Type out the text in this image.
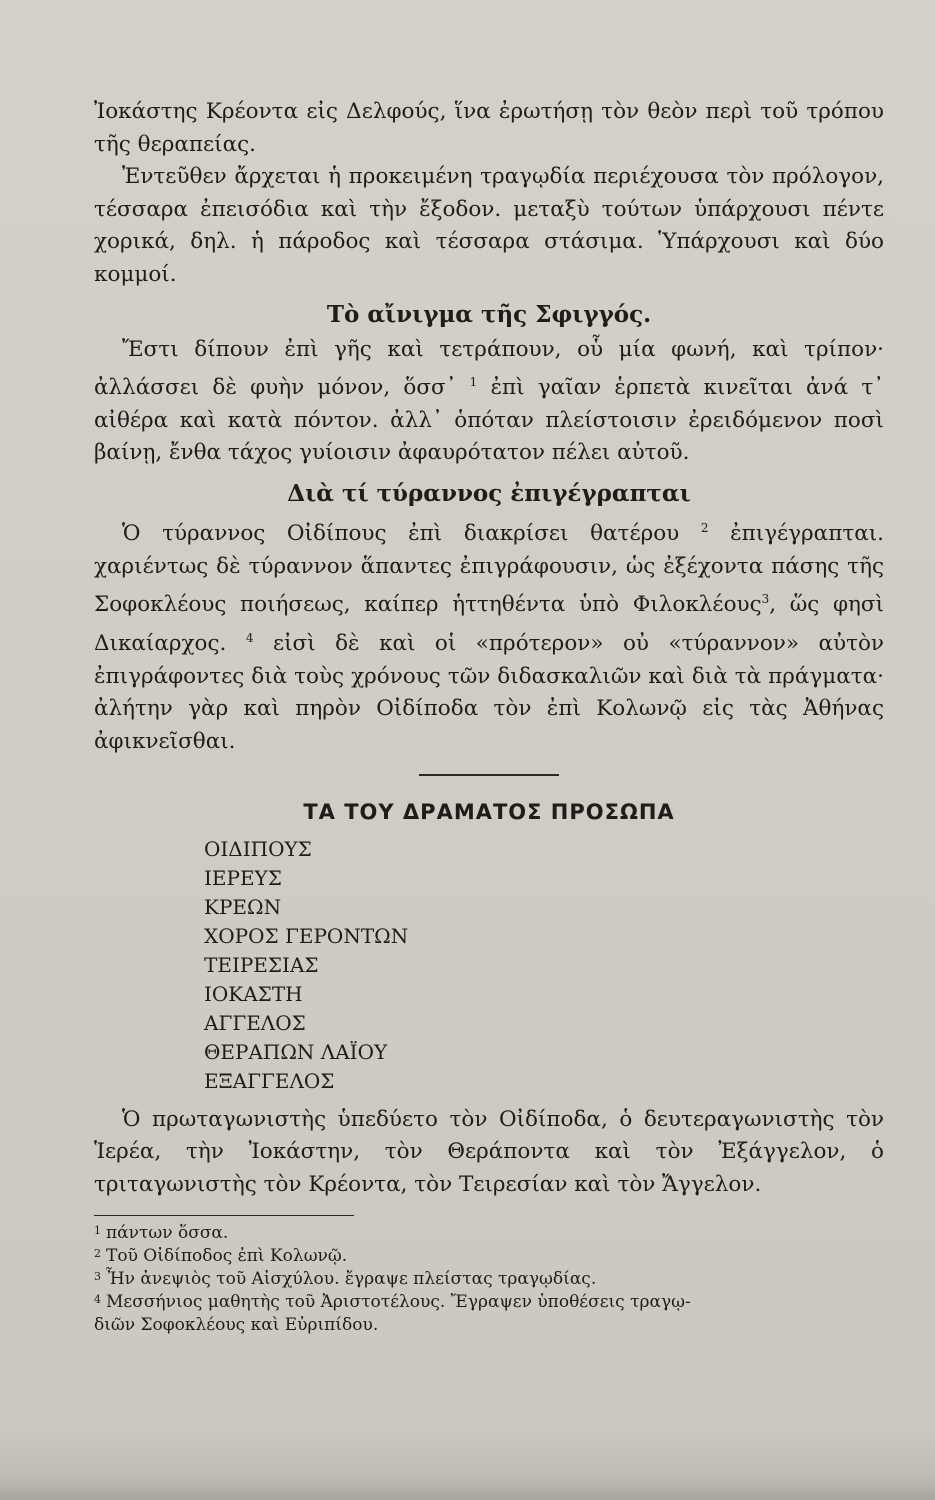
Ἰοκάστης Κρέοντα εἰς Δελφούς, ἵνα ἐρωτήσῃ τὸν θεὸν περὶ τοῦ τρόπου τῆς θεραπείας.

Ἐντεῦθεν ἄρχεται ἡ προκειμένη τραγῳδία περιέχουσα τὸν πρόλογον, τέσσαρα ἐπεισόδια καὶ τὴν ἔξοδον. μεταξὺ τούτων ὑπάρχουσι πέντε χορικά, δηλ. ἡ πάροδος καὶ τέσσαρα στάσιμα. Ὑπάρχουσι καὶ δύο κομμοί.

Τὸ αἴνιγμα τῆς Σφιγγός.

Ἔστι δίπουν ἐπὶ γῆς καὶ τετράπουν, οὗ μία φωνή, καὶ τρίπον· ἀλλάσσει δὲ φυὴν μόνον, ὅσσ᾽ $^1$ ἐπὶ γαῖαν ἑρπετὰ κινεῖται ἀνά τ᾽ αἰθέρα καὶ κατὰ πόντον. ἀλλ᾽ ὁπόταν πλείστοισιν ἐρειδόμενον ποσὶ βαίνῃ, ἔνθα τάχος γυίοισιν ἀφαυρότατον πέλει αὐτοῦ.

Διὰ τί τύραννος ἐπιγέγραπται

Ὁ τύραννος Οἰδίπους ἐπὶ διακρίσει θατέρου $^2$ ἐπιγέγραπται. χαριέντως δὲ τύραννον ἅπαντες ἐπιγράφουσιν, ὡς ἐξέχοντα πάσης τῆς Σοφοκλέους ποιήσεως, καίπερ ἡττηθέντα ὑπὸ Φιλοκλέους$^3$, ὥς φησὶ Δικαίαρχος. $^4$ εἰσὶ δὲ καὶ οἱ «πρότερον» οὐ «τύραννον» αὐτὸν ἐπιγράφοντες διὰ τοὺς χρόνους τῶν διδασκαλιῶν καὶ διὰ τὰ πράγματα· ἀλήτην γὰρ καὶ πηρὸν Οἰδίποδα τὸν ἐπὶ Κολωνῷ εἰς τὰς Ἀθήνας ἀφικνεῖσθαι.

ΤΑ ΤΟΥ ΔΡΑΜΑΤΟΣ ΠΡΟΣΩΠΑ
ΟΙΔΙΠΟΥΣ
ΙΕΡΕΥΣ
ΚΡΕΩΝ
ΧΟΡΟΣ ΓΕΡΟΝΤΩΝ
ΤΕΙΡΕΣΙΑΣ
ΙΟΚΑΣΤΗ
ΑΓΓΕΛΟΣ
ΘΕΡΑΠΩΝ ΛΑΪΟΥ
ΕΞΑΓΓΕΛΟΣ

Ὁ πρωταγωνιστὴς ὑπεδύετο τὸν Οἰδίποδα, ὁ δευτεραγωνιστὴς τὸν Ἱερέα, τὴν Ἰοκάστην, τὸν Θεράποντα καὶ τὸν Ἐξάγγελον, ὁ τριταγωνιστὴς τὸν Κρέοντα, τὸν Τειρεσίαν καὶ τὸν Ἄγγελον.

1 πάντων ὅσσα.

2 Τοῦ Οἰδίποδος ἐπὶ Κολωνῷ.

3 Ἦν ἀνεψιὸς τοῦ Αἰσχύλου. ἔγραψε πλείστας τραγῳδίας.

4 Μεσσήνιος μαθητὴς τοῦ Ἀριστοτέλους. Ἔγραψεν ὑποθέσεις τραγῳ-

διῶν Σοφοκλέους καὶ Εὐριπίδου.
